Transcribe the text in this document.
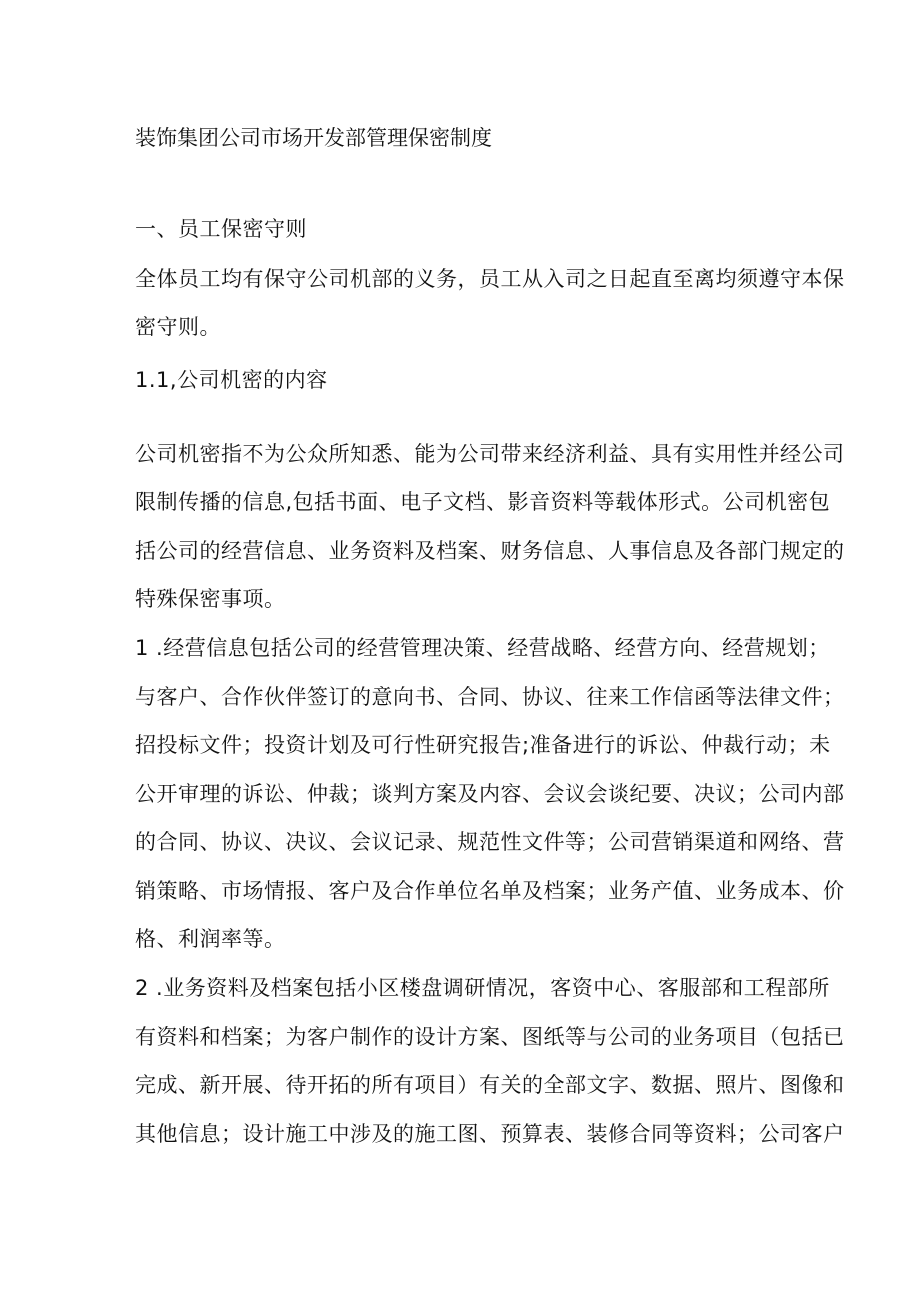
装饰集团公司市场开发部管理保密制度
一、员工保密守则
全体员工均有保守公司机部的义务，员工从入司之日起直至离均须遵守本保
密守则。
1.1,公司机密的内容
公司机密指不为公众所知悉、能为公司带来经济利益、具有实用性并经公司
限制传播的信息,包括书面、电子文档、影音资料等载体形式。公司机密包
括公司的经营信息、业务资料及档案、财务信息、人事信息及各部门规定的
特殊保密事项。
1 .经营信息包括公司的经营管理决策、经营战略、经营方向、经营规划；
与客户、合作伙伴签订的意向书、合同、协议、往来工作信函等法律文件；
招投标文件；投资计划及可行性研究报告;准备进行的诉讼、仲裁行动；未
公开审理的诉讼、仲裁；谈判方案及内容、会议会谈纪要、决议；公司内部
的合同、协议、决议、会议记录、规范性文件等；公司营销渠道和网络、营
销策略、市场情报、客户及合作单位名单及档案；业务产值、业务成本、价
格、利润率等。
2 .业务资料及档案包括小区楼盘调研情况，客资中心、客服部和工程部所
有资料和档案；为客户制作的设计方案、图纸等与公司的业务项目（包括已
完成、新开展、待开拓的所有项目）有关的全部文字、数据、照片、图像和
其他信息；设计施工中涉及的施工图、预算表、装修合同等资料；公司客户
